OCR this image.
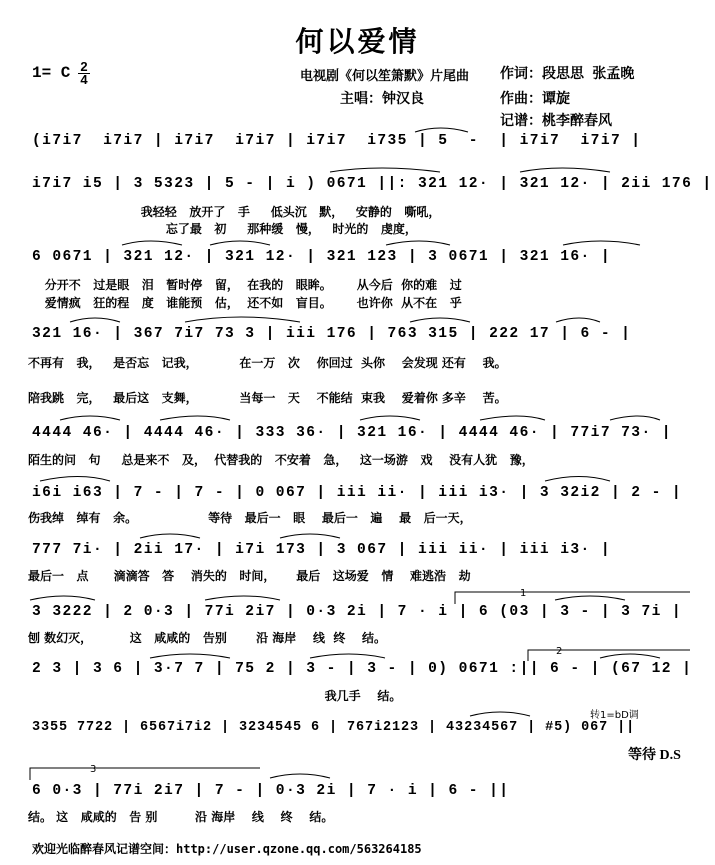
何以爱情
1= C 2
4	电视剧《何以笙箫默》片尾曲 作词：段思思 张孟晚
主唱：钟汉良	作曲：谭旋
记谱：桃李醉春风
(i7i7  i7i7 | i7i7  i7i7 | i7i7  i735 | 5  -  | i7i7  i7i7 |
i7i7 i5 | 3 5323 | 5 - | i ) 0671 ||: 321 12· | 321 12· | 2ii 176 |
我轻轻   放开了   手     低头沉   默，   安静的   嘶吼，
忘了最   初     那种缓   慢，   时光的   虔度，
6 0671 | 321 12· | 321 12· | 321 123 | 3 0671 | 321 16· |
分开不   过是眼   泪   暂时停   留，  在我的   眼眸。      从今后  你的难   过
爱情疯   狂的程   度   谁能预   估，  还不如   盲目。      也许你  从不在   乎
321 16· | 367 7i7 73 3 | iii 176 | 763 315 | 222 17 | 6 - |
不再有   我，   是否忘   记我，          在一万   次    你回过  头你    会发现 还有    我。
陪我跳   完，   最后这   支舞，          当每一   天    不能结  束我    爱着你 多辛    苦。
4444 46· | 4444 46· | 333 36· | 321 16· | 4444 46· | 77i7 73· |
陌生的问   句     总是来不   及，  代替我的   不安着   急，   这一场游   戏    没有人犹   豫，
i6i i63 | 7 - | 7 - | 0 067 | iii ii· | iii i3· | 3 32i2 | 2 - |
伤我绰   绰有   余。                 等待   最后一   眼    最后一   遍    最   后一天，
777 7i· | 2ii 17· | i7i 173 | 3 067 | iii ii· | iii i3· |
最后一   点      滴滴答   答    消失的   时间，     最后   这场爱   情    难逃浩   劫
3 3222 | 2 0·3 | 77i 2i7 | 0·3 2i | 7 · i | 6 (03 | 3 - | 3 7i |
刨 数幻灭，         这   咸咸的   告别       沿 海岸    线  终    结。
2 3 | 3 6 | 3·7 7 | 75 2 | 3 - | 3 - | 0) 0671 :|| 6 - | (67 12 |
我几手    结。
转1=bD调
3355 7722 | 6567i7i2 | 3234545 6 | 767i2123 | 43234567 | #5) 067 ||
等待 D.S
6 0·3 | 77i 2i7 | 7 - | 0·3 2i | 7 · i | 6 - ||
结。 这   咸咸的   告 别         沿 海岸    线    终    结。
1
2
3
欢迎光临醉春风记谱空间：http://user.qzone.qq.com/563264185
